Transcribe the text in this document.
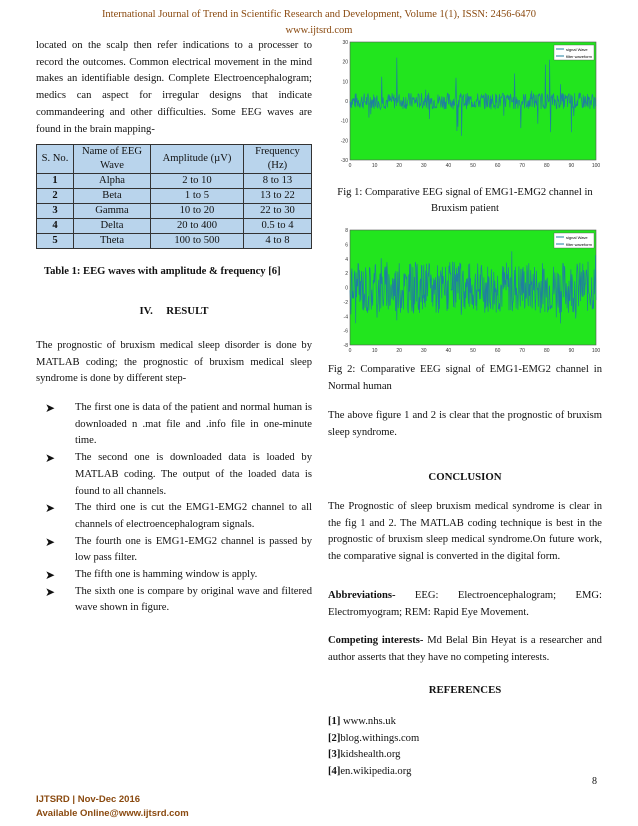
International Journal of Trend in Scientific Research and Development, Volume 1(1), ISSN: 2456-6470
www.ijtsrd.com
located on the scalp then refer indications to a processer to record the outcomes. Common electrical movement in the mind makes an identifiable design. Complete Electroencephalogram; medics can aspect for irregular designs that indicate commandeering and other difficulties. Some EEG waves are found in the brain mapping-
S. No.	Name of EEG Wave	Amplitude (µV)	Frequency (Hz)
1	Alpha	2 to 10	8 to 13
2	Beta	1 to 5	13 to 22
3	Gamma	10 to 20	22 to 30
4	Delta	20 to 400	0.5 to 4
5	Theta	100 to 500	4 to 8
Table 1: EEG waves with amplitude & frequency [6]
IV.     RESULT
The prognostic of bruxism medical sleep disorder is done by MATLAB coding; the prognostic of bruxism medical sleep syndrome is done by different step-
➤ The first one is data of the patient and normal human is downloaded n .mat file and .info file in one-minute time.
➤ The second one is downloaded data is loaded by MATLAB coding. The output of the loaded data is found to all channels.
➤ The third one is cut the EMG1-EMG2 channel to all channels of electroencephalogram signals.
➤ The fourth one is EMG1-EMG2 channel is passed by low pass filter.
➤ The fifth one is hamming window is apply.
➤ The sixth one is compare by original wave and filtered wave shown in figure.
30
20
10
0
-10
-20
-30
0	10	20	30	40	50	60	70	80	90	100
signal Wave
filter waveform
Fig 1: Comparative EEG signal of EMG1-EMG2 channel in Bruxism patient
8
6
4
2
0
-2
-4
-6
-8
0	10	20	30	40	50	60	70	80	90	100
signal Wave
filter waveform
Fig 2: Comparative EEG signal of EMG1-EMG2 channel in Normal human
The above figure 1 and 2 is clear that the prognostic of bruxism sleep syndrome.
CONCLUSION
The Prognostic of sleep bruxism medical syndrome is clear in the fig 1 and 2. The MATLAB coding technique is best in the prognostic of bruxism sleep medical syndrome.On future work, the comparative signal is converted in the digital form.
Abbreviations- EEG: Electroencephalogram; EMG: Electromyogram; REM: Rapid Eye Movement.
Competing interests- Md Belal Bin Heyat is a researcher and author asserts that they have no competing interests.
REFERENCES
[1] www.nhs.uk
[2]blog.withings.com
[3]kidshealth.org
[4]en.wikipedia.org
8
IJTSRD | Nov-Dec 2016
Available Online@www.ijtsrd.com
